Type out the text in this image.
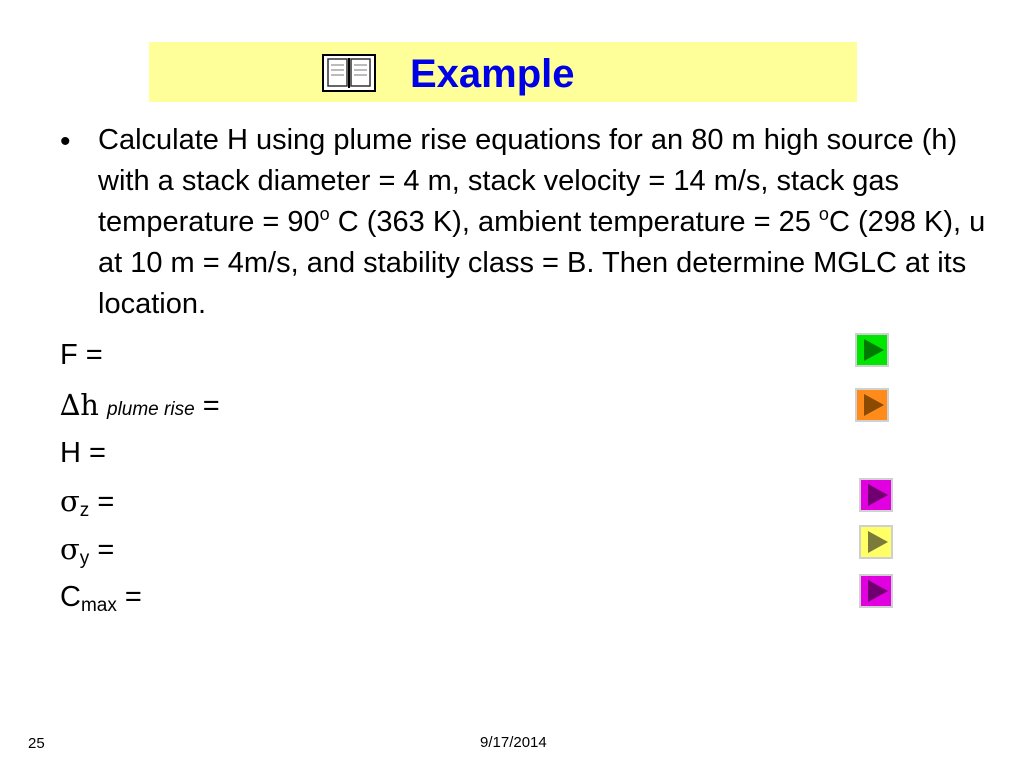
Example
• Calculate H using plume rise equations for an 80 m high source (h) with a stack diameter = 4 m, stack velocity = 14 m/s, stack gas temperature = $90^o$ C (363 K), ambient temperature = 25 $^o$C (298 K), u at 10 m = 4m/s, and stability class = B. Then determine MGLC at its location.
F =
∆h plume rise =
H =
$\sigma_z$ =
$\sigma_y$ =
$C_{max}$ =
25	9/17/2014
